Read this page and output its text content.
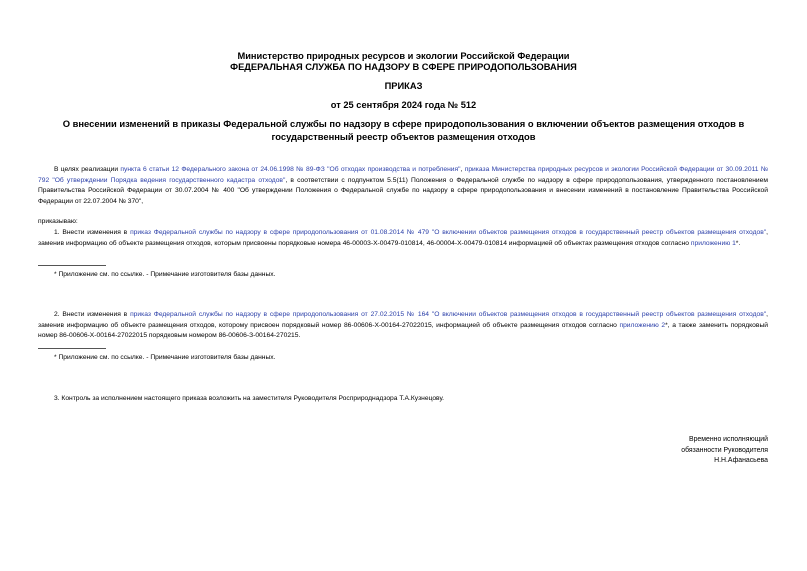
Министерство природных ресурсов и экологии Российской Федерации
ФЕДЕРАЛЬНАЯ СЛУЖБА ПО НАДЗОРУ В СФЕРЕ ПРИРОДОПОЛЬЗОВАНИЯ
ПРИКАЗ
от 25 сентября 2024 года № 512
О внесении изменений в приказы Федеральной службы по надзору в сфере природопользования о включении объектов размещения отходов в государственный реестр объектов размещения отходов
В целях реализации пункта 6 статьи 12 Федерального закона от 24.06.1998 № 89-ФЗ "Об отходах производства и потребления", приказа Министерства природных ресурсов и экологии Российской Федерации от 30.09.2011 № 792 "Об утверждении Порядка ведения государственного кадастра отходов", в соответствии с подпунктом 5.5(11) Положения о Федеральной службе по надзору в сфере природопользования, утвержденного постановлением Правительства Российской Федерации от 30.07.2004 № 400 "Об утверждении Положения о Федеральной службе по надзору в сфере природопользования и внесении изменений в постановление Правительства Российской Федерации от 22.07.2004 № 370",
приказываю:
1. Внести изменения в приказ Федеральной службы по надзору в сфере природопользования от 01.08.2014 № 479 "О включении объектов размещения отходов в государственный реестр объектов размещения отходов", заменив информацию об объекте размещения отходов, которым присвоены порядковые номера 46-00003-Х-00479-010814, 46-00004-Х-00479-010814 информацией об объектах размещения отходов согласно приложению 1*.
* Приложение см. по ссылке. - Примечание изготовителя базы данных.
2. Внести изменения в приказ Федеральной службы по надзору в сфере природопользования от 27.02.2015 № 164 "О включении объектов размещения отходов в государственный реестр объектов размещения отходов", заменив информацию об объекте размещения отходов, которому присвоен порядковый номер 86-00606-Х-00164-27022015, информацией об объекте размещения отходов согласно приложению 2*, а также заменить порядковый номер 86-00606-Х-00164-27022015 порядковым номером 86-00606-З-00164-270215.
* Приложение см. по ссылке. - Примечание изготовителя базы данных.
3. Контроль за исполнением настоящего приказа возложить на заместителя Руководителя Росприроднадзора Т.А.Кузнецову.
Временно исполняющий
обязанности Руководителя
Н.Н.Афанасьева
